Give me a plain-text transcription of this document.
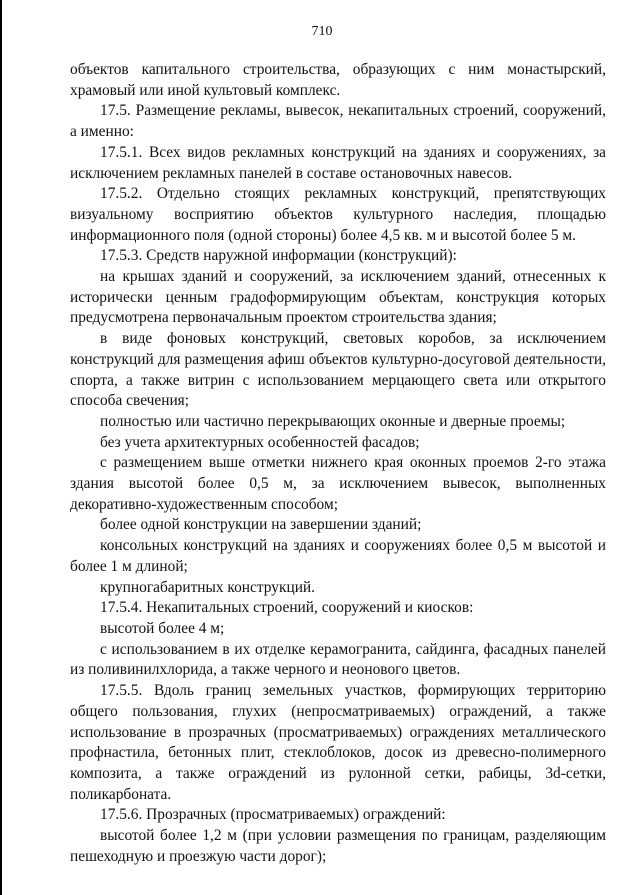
710

объектов капитального строительства, образующих с ним монастырский, храмовый или иной культовый комплекс.

17.5. Размещение рекламы, вывесок, некапитальных строений, сооружений, а именно:

17.5.1. Всех видов рекламных конструкций на зданиях и сооружениях, за исключением рекламных панелей в составе остановочных навесов.

17.5.2. Отдельно стоящих рекламных конструкций, препятствующих визуальному восприятию объектов культурного наследия, площадью информационного поля (одной стороны) более 4,5 кв. м и высотой более 5 м.

17.5.3. Средств наружной информации (конструкций):

на крышах зданий и сооружений, за исключением зданий, отнесенных к исторически ценным градоформирующим объектам, конструкция которых предусмотрена первоначальным проектом строительства здания;

в виде фоновых конструкций, световых коробов, за исключением конструкций для размещения афиш объектов культурно-досуговой деятельности, спорта, а также витрин с использованием мерцающего света или открытого способа свечения;

полностью или частично перекрывающих оконные и дверные проемы;

без учета архитектурных особенностей фасадов;

с размещением выше отметки нижнего края оконных проемов 2-го этажа здания высотой более 0,5 м, за исключением вывесок, выполненных декоративно-художественным способом;

более одной конструкции на завершении зданий;

консольных конструкций на зданиях и сооружениях более 0,5 м высотой и более 1 м длиной;

крупногабаритных конструкций.

17.5.4. Некапитальных строений, сооружений и киосков:

высотой более 4 м;

с использованием в их отделке керамогранита, сайдинга, фасадных панелей из поливинилхлорида, а также черного и неонового цветов.

17.5.5. Вдоль границ земельных участков, формирующих территорию общего пользования, глухих (непросматриваемых) ограждений, а также использование в прозрачных (просматриваемых) ограждениях металлического профнастила, бетонных плит, стеклоблоков, досок из древесно-полимерного композита, а также ограждений из рулонной сетки, рабицы, 3d-сетки, поликарбоната.

17.5.6. Прозрачных (просматриваемых) ограждений:

высотой более 1,2 м (при условии размещения по границам, разделяющим пешеходную и проезжую части дорог);
